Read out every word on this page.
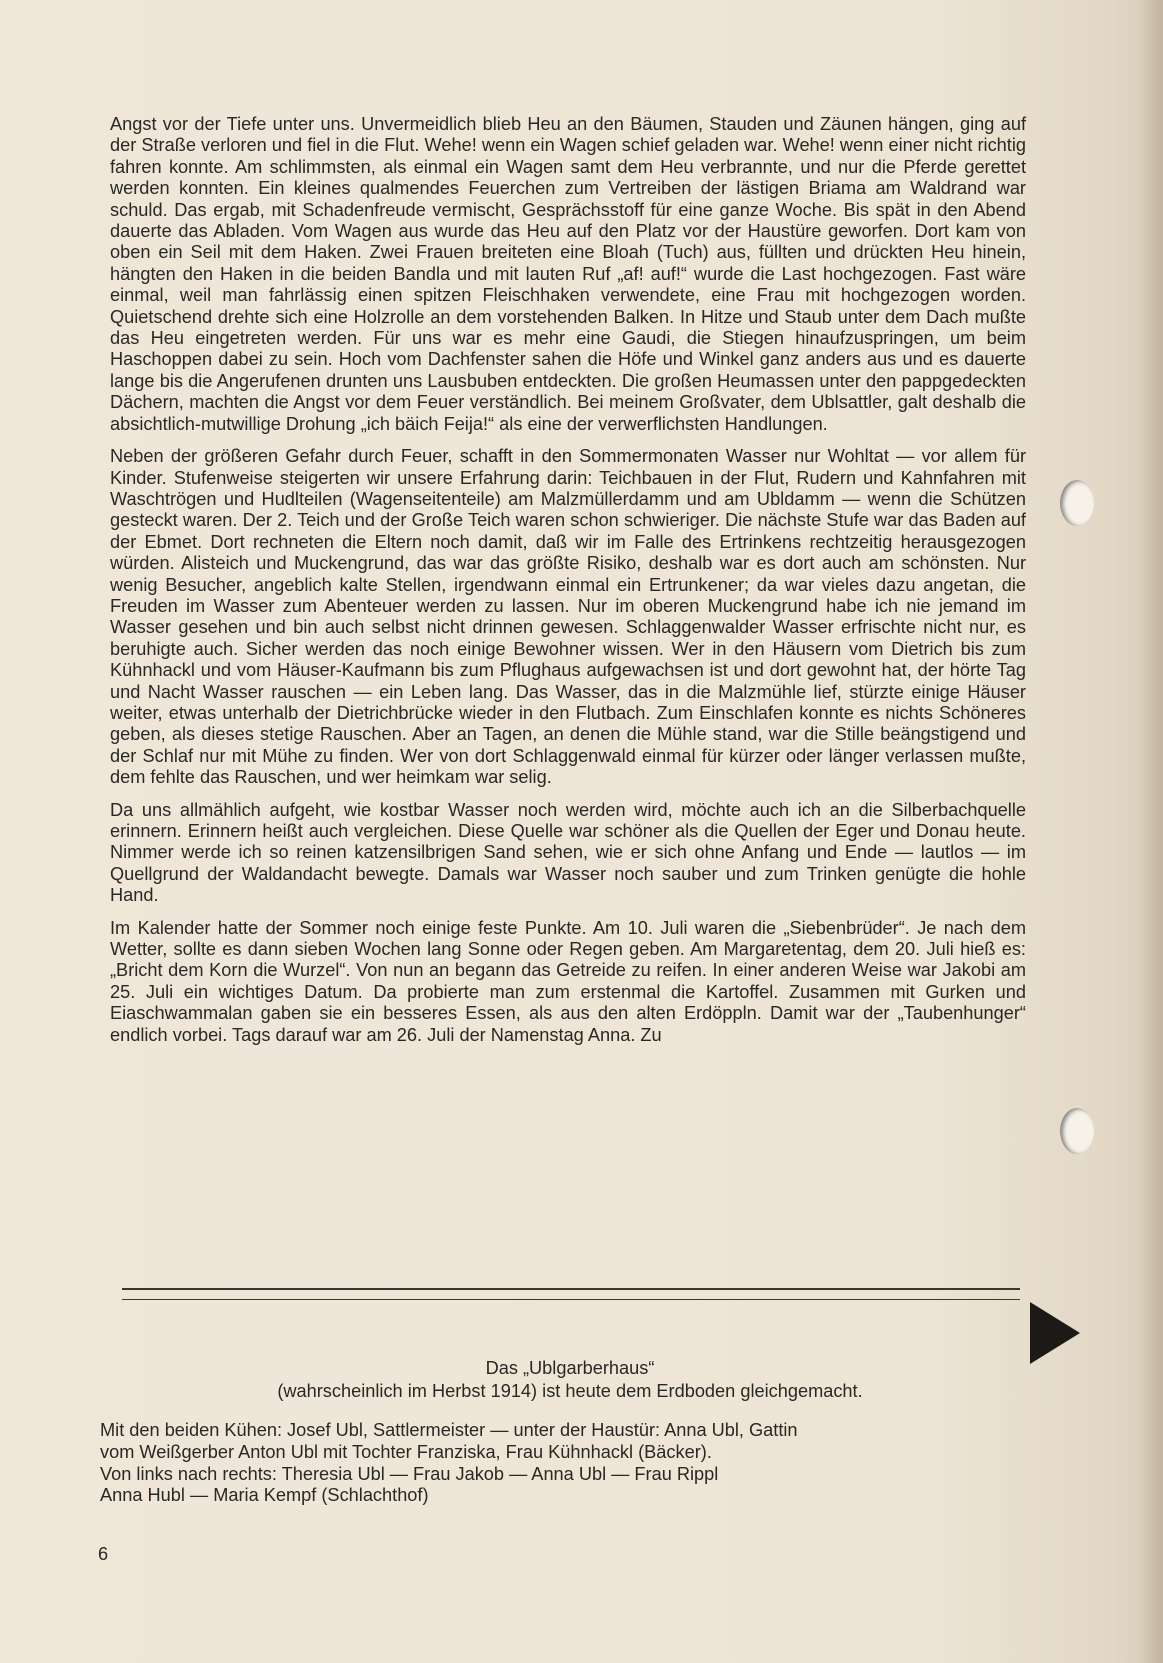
Angst vor der Tiefe unter uns. Unvermeidlich blieb Heu an den Bäumen, Stauden und Zäunen hängen, ging auf der Straße verloren und fiel in die Flut. Wehe! wenn ein Wagen schief geladen war. Wehe! wenn einer nicht richtig fahren konnte. Am schlimmsten, als einmal ein Wagen samt dem Heu verbrannte, und nur die Pferde gerettet werden konnten. Ein kleines qualmendes Feuerchen zum Vertreiben der lästigen Briama am Waldrand war schuld. Das ergab, mit Schadenfreude vermischt, Gesprächsstoff für eine ganze Woche. Bis spät in den Abend dauerte das Abladen. Vom Wagen aus wurde das Heu auf den Platz vor der Haustüre geworfen. Dort kam von oben ein Seil mit dem Haken. Zwei Frauen breiteten eine Bloah (Tuch) aus, füllten und drückten Heu hinein, hängten den Haken in die beiden Bandla und mit lauten Ruf „af! auf!“ wurde die Last hochgezogen. Fast wäre einmal, weil man fahrlässig einen spitzen Fleischhaken verwendete, eine Frau mit hochgezogen worden. Quietschend drehte sich eine Holzrolle an dem vorstehenden Balken. In Hitze und Staub unter dem Dach mußte das Heu eingetreten werden. Für uns war es mehr eine Gaudi, die Stiegen hinaufzuspringen, um beim Haschoppen dabei zu sein. Hoch vom Dachfenster sahen die Höfe und Winkel ganz anders aus und es dauerte lange bis die Angerufenen drunten uns Lausbuben entdeckten. Die großen Heumassen unter den pappgedeckten Dächern, machten die Angst vor dem Feuer verständlich. Bei meinem Großvater, dem Ublsattler, galt deshalb die absichtlich-mutwillige Drohung „ich bäich Feija!“ als eine der verwerflichsten Handlungen.

Neben der größeren Gefahr durch Feuer, schafft in den Sommermonaten Wasser nur Wohltat — vor allem für Kinder. Stufenweise steigerten wir unsere Erfahrung darin: Teichbauen in der Flut, Rudern und Kahnfahren mit Waschtrögen und Hudlteilen (Wagenseitenteile) am Malzmüllerdamm und am Ubldamm — wenn die Schützen gesteckt waren. Der 2. Teich und der Große Teich waren schon schwieriger. Die nächste Stufe war das Baden auf der Ebmet. Dort rechneten die Eltern noch damit, daß wir im Falle des Ertrinkens rechtzeitig herausgezogen würden. Alisteich und Muckengrund, das war das größte Risiko, deshalb war es dort auch am schönsten. Nur wenig Besucher, angeblich kalte Stellen, irgendwann einmal ein Ertrunkener; da war vieles dazu angetan, die Freuden im Wasser zum Abenteuer werden zu lassen. Nur im oberen Muckengrund habe ich nie jemand im Wasser gesehen und bin auch selbst nicht drinnen gewesen. Schlaggenwalder Wasser erfrischte nicht nur, es beruhigte auch. Sicher werden das noch einige Bewohner wissen. Wer in den Häusern vom Dietrich bis zum Kühnhackl und vom Häuser-Kaufmann bis zum Pflughaus aufgewachsen ist und dort gewohnt hat, der hörte Tag und Nacht Wasser rauschen — ein Leben lang. Das Wasser, das in die Malzmühle lief, stürzte einige Häuser weiter, etwas unterhalb der Dietrichbrücke wieder in den Flutbach. Zum Einschlafen konnte es nichts Schöneres geben, als dieses stetige Rauschen. Aber an Tagen, an denen die Mühle stand, war die Stille beängstigend und der Schlaf nur mit Mühe zu finden. Wer von dort Schlaggenwald einmal für kürzer oder länger verlassen mußte, dem fehlte das Rauschen, und wer heimkam war selig.

Da uns allmählich aufgeht, wie kostbar Wasser noch werden wird, möchte auch ich an die Silberbachquelle erinnern. Erinnern heißt auch vergleichen. Diese Quelle war schöner als die Quellen der Eger und Donau heute. Nimmer werde ich so reinen katzensilbrigen Sand sehen, wie er sich ohne Anfang und Ende — lautlos — im Quellgrund der Waldandacht bewegte. Damals war Wasser noch sauber und zum Trinken genügte die hohle Hand.

Im Kalender hatte der Sommer noch einige feste Punkte. Am 10. Juli waren die „Siebenbrüder“. Je nach dem Wetter, sollte es dann sieben Wochen lang Sonne oder Regen geben. Am Margaretentag, dem 20. Juli hieß es: „Bricht dem Korn die Wurzel“. Von nun an begann das Getreide zu reifen. In einer anderen Weise war Jakobi am 25. Juli ein wichtiges Datum. Da probierte man zum erstenmal die Kartoffel. Zusammen mit Gurken und Eiaschwammalan gaben sie ein besseres Essen, als aus den alten Erdöppln. Damit war der „Taubenhunger“ endlich vorbei. Tags darauf war am 26. Juli der Namenstag Anna. Zu

Das „Ublgarberhaus“
(wahrscheinlich im Herbst 1914) ist heute dem Erdboden gleichgemacht.
Mit den beiden Kühen: Josef Ubl, Sattlermeister — unter der Haustür: Anna Ubl, Gattin
vom Weißgerber Anton Ubl mit Tochter Franziska, Frau Kühnhackl (Bäcker).
Von links nach rechts: Theresia Ubl — Frau Jakob — Anna Ubl — Frau Rippl
Anna Hubl — Maria Kempf (Schlachthof)
6
